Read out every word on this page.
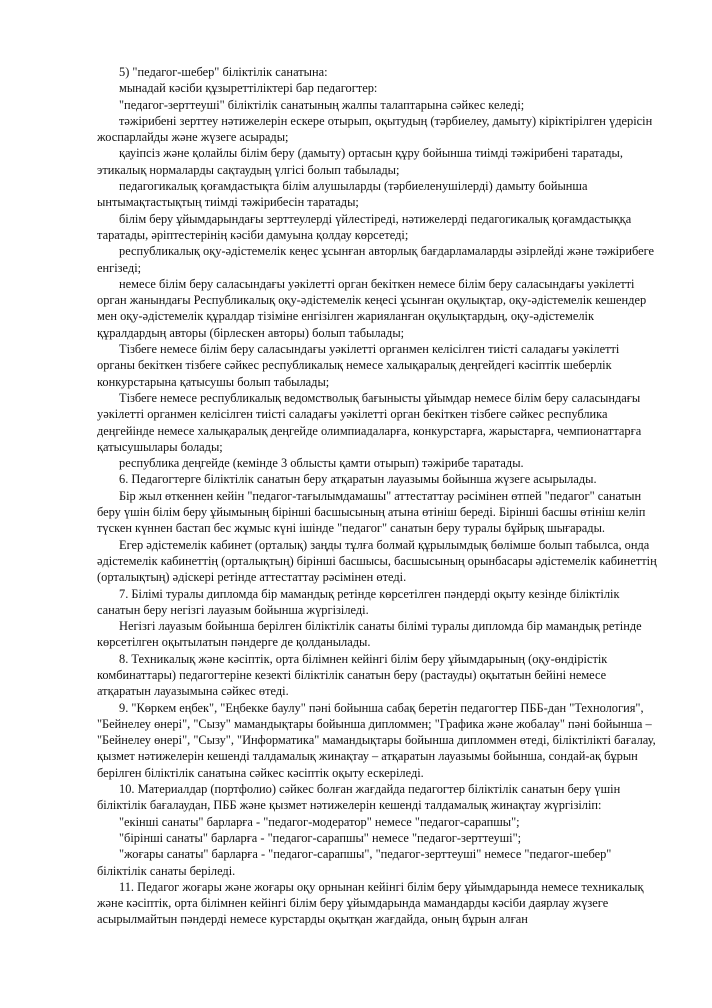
5) "педагог-шебер" біліктілік санатына:

мынадай кәсіби құзыреттіліктері бар педагогтер:

"педагог-зерттеуші" біліктілік санатының жалпы талаптарына сәйкес келеді;

тәжірибені зерттеу нәтижелерін ескере отырып, оқытудың (тәрбиелеу, дамыту) кіріктірілген үдерісін жоспарлайды және жүзеге асырады;

қауіпсіз және қолайлы білім беру (дамыту) ортасын құру бойынша тиімді тәжірибені таратады, этикалық нормаларды сақтаудың үлгісі болып табылады;

педагогикалық қоғамдастықта білім алушыларды (тәрбиеленушілерді) дамыту бойынша ынтымақтастықтың тиімді тәжірибесін таратады;

білім беру ұйымдарындағы зерттеулерді үйлестіреді, нәтижелерді педагогикалық қоғамдастыққа таратады, әріптестерінің кәсіби дамуына қолдау көрсетеді;

республикалық оқу-әдістемелік кеңес ұсынған авторлық бағдарламаларды әзірлейді және тәжірибеге енгізеді;

немесе білім беру саласындағы уәкілетті орган бекіткен немесе білім беру саласындағы уәкілетті орган жанындағы Республикалық оқу-әдістемелік кеңесі ұсынған оқулықтар, оқу-әдістемелік кешендер мен оқу-әдістемелік құралдар тізіміне енгізілген жарияланған оқулықтардың, оқу-әдістемелік құралдардың авторы (бірлескен авторы) болып табылады;

Тізбеге немесе білім беру саласындағы уәкілетті органмен келісілген тиісті саладағы уәкілетті органы бекіткен тізбеге сәйкес республикалық немесе халықаралық деңгейдегі кәсіптік шеберлік конкурстарына қатысушы болып табылады;

Тізбеге немесе республикалық ведомстволық бағынысты ұйымдар немесе білім беру саласындағы уәкілетті органмен келісілген тиісті саладағы уәкілетті орган бекіткен тізбеге сәйкес республика деңгейінде немесе халықаралық деңгейде олимпиадаларға, конкурстарға, жарыстарға, чемпионаттарға қатысушылары болады;

республика деңгейде (кемінде 3 облысты қамти отырып) тәжірибе таратады.

6. Педагогтерге біліктілік санатын беру атқаратын лауазымы бойынша жүзеге асырылады.

Бір жыл өткеннен кейін "педагог-тағылымдамашы" аттестаттау рәсімінен өтпей "педагог" санатын беру үшін білім беру ұйымының бірінші басшысының атына өтініш береді. Бірінші басшы өтініш келіп түскен күннен бастап бес жұмыс күні ішінде "педагог" санатын беру туралы бұйрық шығарады.

Егер әдістемелік кабинет (орталық) заңды тұлға болмай құрылымдық бөлімше болып табылса, онда әдістемелік кабинеттің (орталықтың) бірінші басшысы, басшысының орынбасары әдістемелік кабинеттің (орталықтың) әдіскері ретінде аттестаттау рәсімінен өтеді.

7. Білімі туралы дипломда бір мамандық ретінде көрсетілген пәндерді оқыту кезінде біліктілік санатын беру негізгі лауазым бойынша жүргізіледі.

Негізгі лауазым бойынша берілген біліктілік санаты білімі туралы дипломда бір мамандық ретінде көрсетілген оқытылатын пәндерге де қолданылады.

8. Техникалық және кәсіптік, орта білімнен кейінгі білім беру ұйымдарының (оқу-өндірістік комбинаттары) педагогтеріне кезекті біліктілік санатын беру (растауды) оқытатын бейіні немесе атқаратын лауазымына сәйкес өтеді.

9. "Көркем еңбек", "Еңбекке баулу" пәні бойынша сабақ беретін педагогтер ПББ-дан "Технология", "Бейнелеу өнері", "Сызу" мамандықтары бойынша дипломмен; "Графика және жобалау" пәні бойынша – "Бейнелеу өнері", "Сызу", "Информатика" мамандықтары бойынша дипломмен өтеді, біліктілікті бағалау, қызмет нәтижелерін кешенді талдамалық жинақтау – атқаратын лауазымы бойынша, сондай-ақ бұрын берілген біліктілік санатына сәйкес кәсіптік оқыту ескеріледі.

10. Материалдар (портфолио) сәйкес болған жағдайда педагогтер біліктілік санатын беру үшін біліктілік бағалаудан, ПББ және қызмет нәтижелерін кешенді талдамалық жинақтау жүргізіліп:

"екінші санаты" барларға - "педагог-модератор" немесе "педагог-сарапшы";

"бірінші санаты" барларға - "педагог-сарапшы" немесе "педагог-зерттеуші";

"жоғары санаты" барларға - "педагог-сарапшы", "педагог-зерттеуші" немесе "педагог-шебер" біліктілік санаты беріледі.

11. Педагог жоғары және жоғары оқу орнынан кейінгі білім беру ұйымдарында немесе техникалық және кәсіптік, орта білімнен кейінгі білім беру ұйымдарында мамандарды кәсіби даярлау жүзеге асырылмайтын пәндерді немесе курстарды оқытқан жағдайда, оның бұрын алған
